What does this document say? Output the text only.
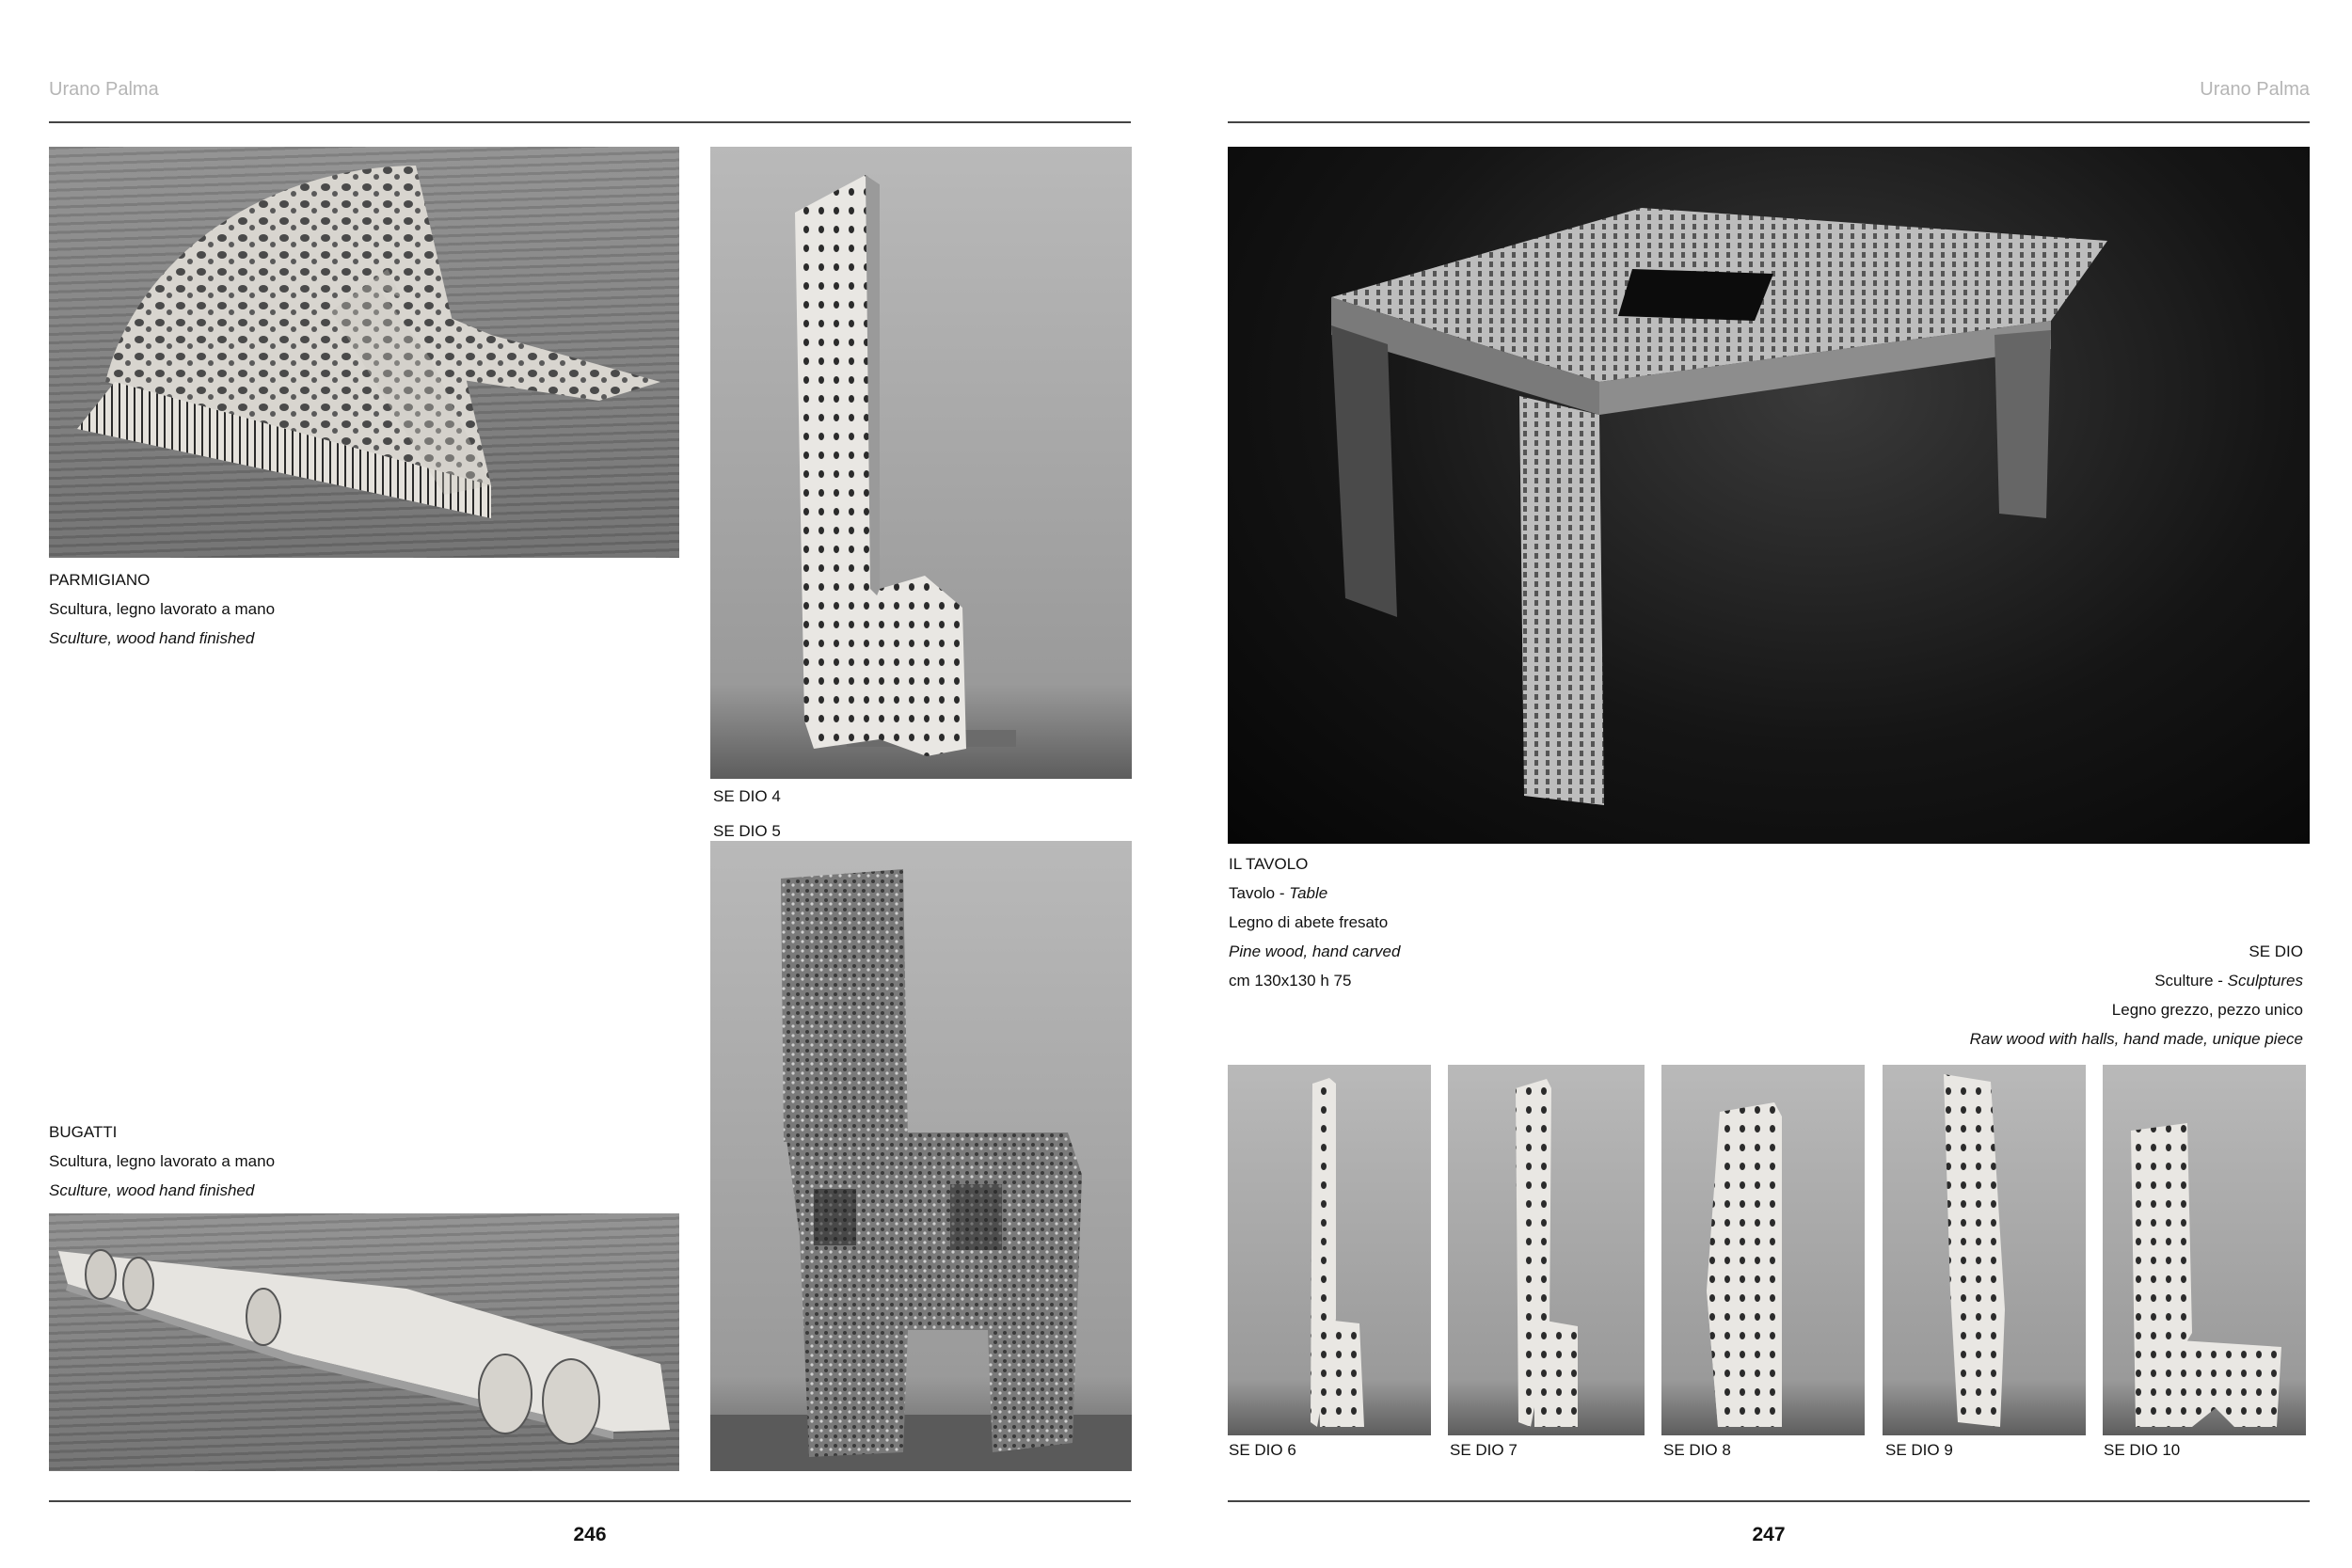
Urano Palma
PARMIGIANO
Scultura, legno lavorato a mano
Sculture, wood hand finished
SE DIO 4
SE DIO 5
BUGATTI
Scultura, legno lavorato a mano
Sculture, wood hand finished
246
Urano Palma
IL TAVOLO
Tavolo - Table
Legno di abete fresato
Pine wood, hand carved
cm 130x130 h 75
SE DIO
Sculture - Sculptures
Legno grezzo, pezzo unico
Raw wood with halls, hand made, unique piece
SE DIO 6	SE DIO 7	SE DIO 8	SE DIO 9	SE DIO 10
247
